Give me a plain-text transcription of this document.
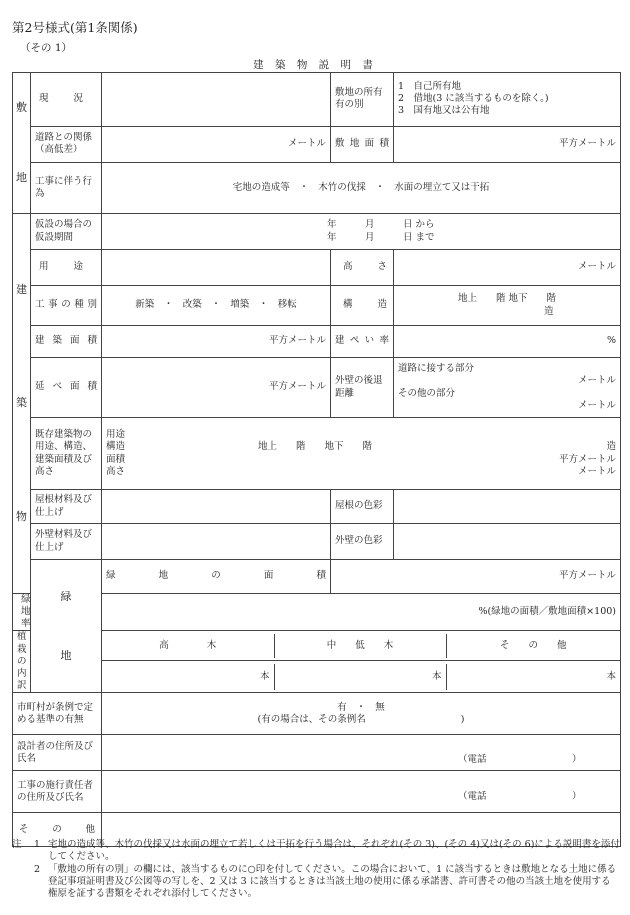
第2号様式(第1条関係)
（その 1）
建 築 物 説 明 書
敷
地
	現　　況		敷地の所有有の別	
1　自己所有地
2　借地(3 に該当するものを除く。)
3　国有地又は公有地

道路との関係（高低差）	メートル	敷 地 面 積	平方メートル
工事に伴う行為	宅地の造成等　・　木竹の伐採　・　水面の埋立て又は干拓

建
築
物
	仮設の場合の仮設期間	
年　　　月　　　日 から
年　　　月　　　日 まで

用　　途		高　　さ	メートル
工 事 の 種 別	新築　・　改築　・　増築　・　移転	構　　造	
地上　　階 地下　　階
造

建 築 面 積	平方メートル	建 ぺ い 率	%
延 べ 面 積	平方メートル	外壁の後退距離	
道路に接する部分
メートル
その他の部分
メートル

既存建築物の用途、構造、建築面積及び高さ	
用途		
構造	地上　　階　　地下　　階	造
面積		平方メートル
高さ		メートル

屋根材料及び仕上げ		屋根の色彩	
外壁材料及び仕上げ		外壁の色彩	

緑
地
	緑 地 の 面 積	平方メートル
緑　地　率	%(緑地の面積／敷地面積×100)
植 栽 の 内 訳	
高　　　　木	中　　低　　木	そ　　の　　他

本	本	本

市町村が条例で定める基準の有無	
有　・　無
(有の場合は、その条例名　　　　　　　　　　)

設計者の住所及び氏名	（電話　　　　　　　　　）

工事の施行責任者の住所及び氏名	（電話　　　　　　　　　）

そ　の　他	
注	1 宅地の造成等、木竹の伐採又は水面の埋立て若しくは干拓を行う場合は、それぞれ(その 3)、(その 4)又は(その 6)による説明書を添付してください。
2 「敷地の所有の別」の欄には、該当するものに○印を付してください。この場合において、1 に該当するときは敷地となる土地に係る登記事項証明書及び公図等の写しを、2 又は 3 に該当するときは当該土地の使用に係る承諾書、許可書その他の当該土地を使用する権原を証する書類をそれぞれ添付してください。
